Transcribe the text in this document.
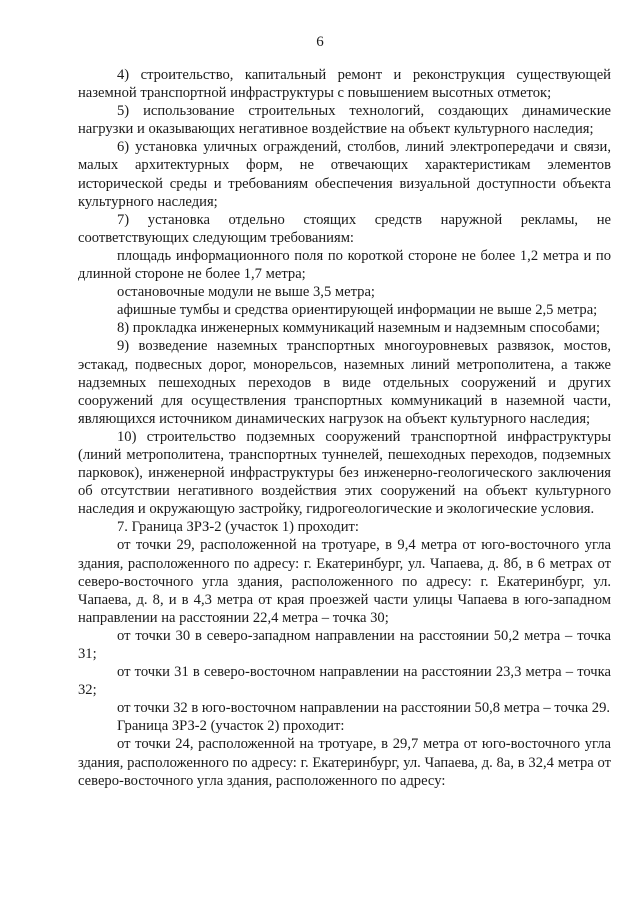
6

4) строительство, капитальный ремонт и реконструкция существующей наземной транспортной инфраструктуры с повышением высотных отметок;

5) использование строительных технологий, создающих динамические нагрузки и оказывающих негативное воздействие на объект культурного наследия;

6) установка уличных ограждений, столбов, линий электропередачи и связи, малых архитектурных форм, не отвечающих характеристикам элементов исторической среды и требованиям обеспечения визуальной доступности объекта культурного наследия;

7) установка отдельно стоящих средств наружной рекламы, не соответствующих следующим требованиям:

площадь информационного поля по короткой стороне не более 1,2 метра и по длинной стороне не более 1,7 метра;

остановочные модули не выше 3,5 метра;

афишные тумбы и средства ориентирующей информации не выше 2,5 метра;

8) прокладка инженерных коммуникаций наземным и надземным способами;

9) возведение наземных транспортных многоуровневых развязок, мостов, эстакад, подвесных дорог, монорельсов, наземных линий метрополитена, а также надземных пешеходных переходов в виде отдельных сооружений и других сооружений для осуществления транспортных коммуникаций в наземной части, являющихся источником динамических нагрузок на объект культурного наследия;

10) строительство подземных сооружений транспортной инфраструктуры (линий метрополитена, транспортных туннелей, пешеходных переходов, подземных парковок), инженерной инфраструктуры без инженерно-геологического заключения об отсутствии негативного воздействия этих сооружений на объект культурного наследия и окружающую застройку, гидрогеологические и экологические условия.

7. Граница ЗРЗ-2 (участок 1) проходит:

от точки 29, расположенной на тротуаре, в 9,4 метра от юго-восточного угла здания, расположенного по адресу: г. Екатеринбург, ул. Чапаева, д. 8б, в 6 метрах от северо-восточного угла здания, расположенного по адресу: г. Екатеринбург, ул. Чапаева, д. 8, и в 4,3 метра от края проезжей части улицы Чапаева в юго-западном направлении на расстоянии 22,4 метра – точка 30;

от точки 30 в северо-западном направлении на расстоянии 50,2 метра – точка 31;

от точки 31 в северо-восточном направлении на расстоянии 23,3 метра – точка 32;

от точки 32 в юго-восточном направлении на расстоянии 50,8 метра – точка 29.

Граница ЗРЗ-2 (участок 2) проходит:

от точки 24, расположенной на тротуаре, в 29,7 метра от юго-восточного угла здания, расположенного по адресу: г. Екатеринбург, ул. Чапаева, д. 8а, в 32,4 метра от северо-восточного угла здания, расположенного по адресу:
